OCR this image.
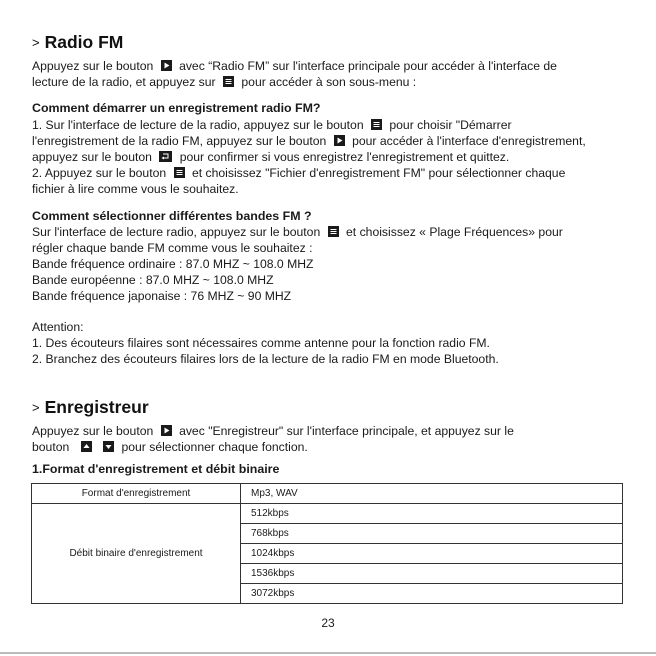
> Radio FM
Appuyez sur le bouton avec “Radio FM” sur l'interface principale pour accéder à l'interface de
lecture de la radio, et appuyez sur pour accéder à son sous-menu :
Comment démarrer un enregistrement radio FM?
1. Sur l'interface de lecture de la radio, appuyez sur le bouton pour choisir "Démarrer
l'enregistrement de la radio FM, appuyez sur le bouton pour accéder à l'interface d'enregistrement,
appuyez sur le bouton pour confirmer si vous enregistrez l'enregistrement et quittez.
2. Appuyez sur le bouton et choisissez "Fichier d'enregistrement FM" pour sélectionner chaque
fichier à lire comme vous le souhaitez.
Comment sélectionner différentes bandes FM ?
Sur l'interface de lecture radio, appuyez sur le bouton et choisissez « Plage Fréquences» pour
régler chaque bande FM comme vous le souhaitez :
Bande fréquence ordinaire : 87.0 MHZ ~ 108.0 MHZ
Bande européenne : 87.0 MHZ ~ 108.0 MHZ
Bande fréquence japonaise : 76 MHZ ~ 90 MHZ
Attention:
1. Des écouteurs filaires sont nécessaires comme antenne pour la fonction radio FM.
2. Branchez des écouteurs filaires lors de la lecture de la radio FM en mode Bluetooth.
> Enregistreur
Appuyez sur le bouton avec "Enregistreur" sur l'interface principale, et appuyez sur le
bouton
	pour sélectionner chaque fonction.
1.Format d'enregistrement et débit binaire
Format d'enregistrement	Mp3, WAV
Débit binaire d'enregistrement	512kbps
	768kbps
	1024kbps
	1536kbps
	3072kbps
23
